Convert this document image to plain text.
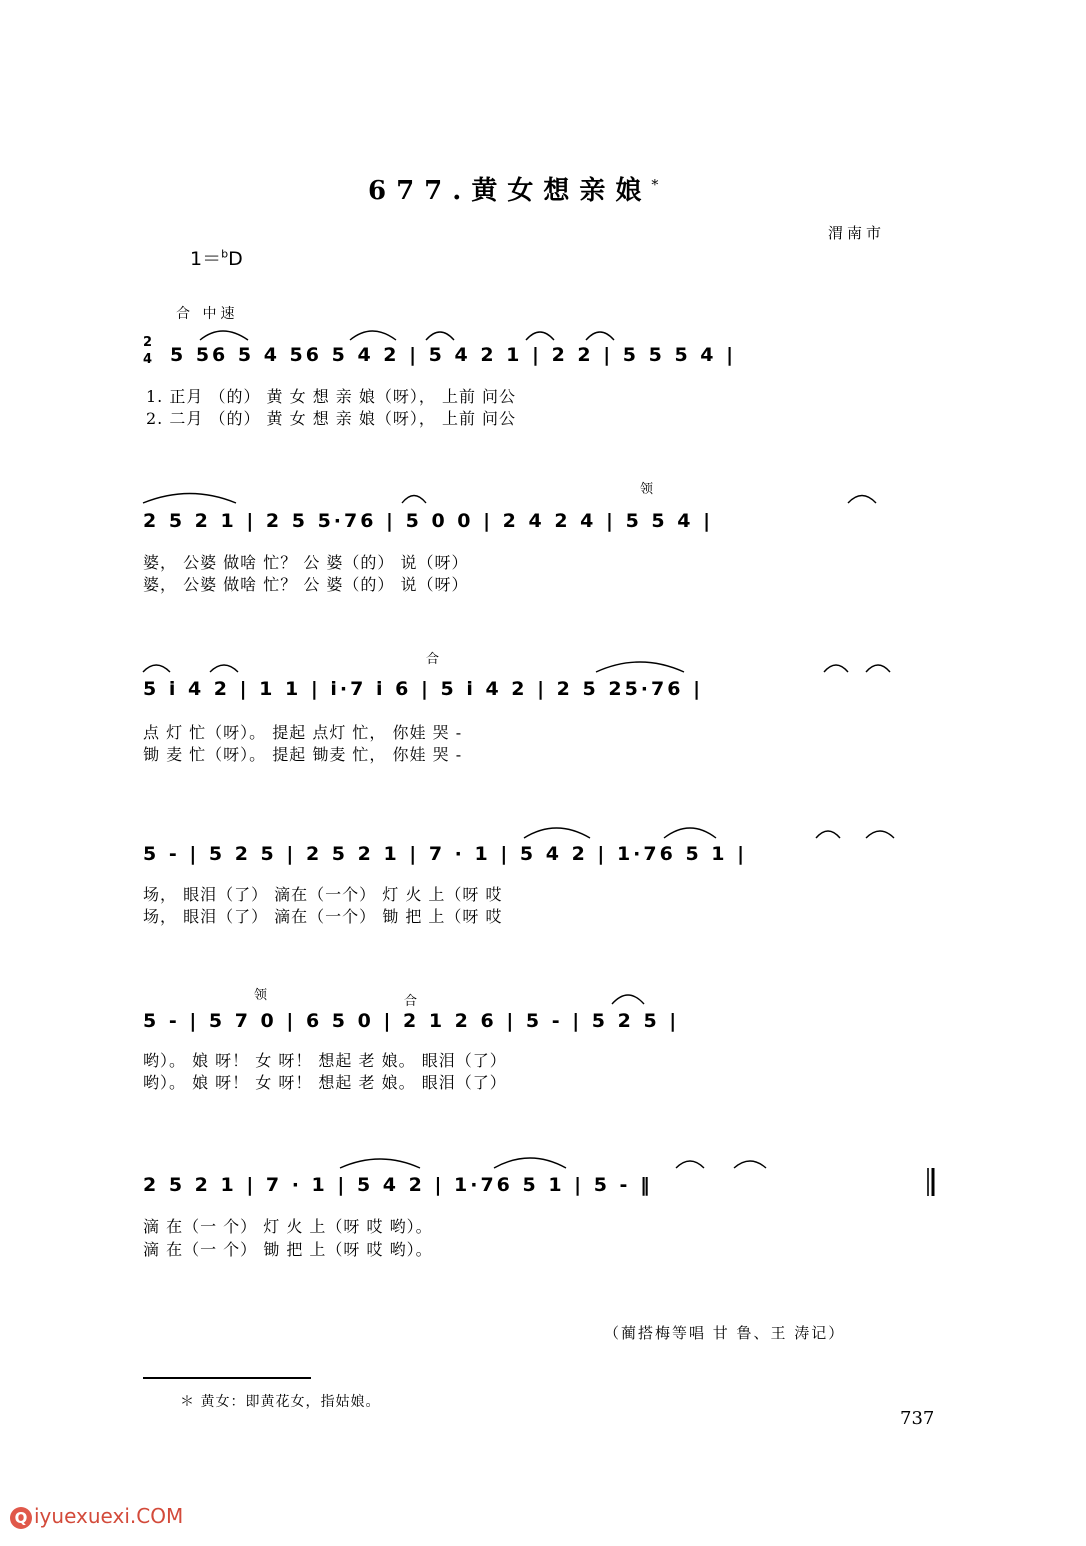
677.黄女想亲娘*
渭南市
1＝$^b$D
合 中速
2
4 5 56 5 4 56 5 4 2 | 5 4 2 1 | 2 2 | 5 5 5 4 |
1. 正月 （的） 黄 女 想 亲 娘（呀）， 上前 问公
2. 二月 （的） 黄 女 想 亲 娘（呀）， 上前 问公
领
2 5 2 1 | 2 5 5·76 | 5 0 0 | 2 4 2 4 | 5 5 4 |
婆， 公婆 做啥 忙？ 公 婆（的） 说（呀）
婆， 公婆 做啥 忙？ 公 婆（的） 说（呀）
合
5 i 4 2 | 1 1 | i·7 i 6 | 5 i 4 2 | 2 5 25·76 |
点 灯 忙（呀）。 提起 点灯 忙， 你娃 哭 -
锄 麦 忙（呀）。 提起 锄麦 忙， 你娃 哭 -
5 - | 5 2 5 | 2 5 2 1 | 7 · 1 | 5 4 2 | 1·76 5 1 |
场， 眼泪（了） 滴在（一个） 灯 火 上（呀 哎
场， 眼泪（了） 滴在（一个） 锄 把 上（呀 哎
领	合
5 - | 5 7 0 | 6 5 0 | 2 1 2 6 | 5 - | 5 2 5 |
哟）。 娘 呀！ 女 呀！ 想起 老 娘。 眼泪（了）
哟）。 娘 呀！ 女 呀！ 想起 老 娘。 眼泪（了）
2 5 2 1 | 7 · 1 | 5 4 2 | 1·76 5 1 | 5 - ‖
滴 在（一 个） 灯 火 上（呀 哎 哟）。
滴 在（一 个） 锄 把 上（呀 哎 哟）。
（蔺搭梅等唱 甘 鲁、王 涛记）
＊ 黄女：即黄花女，指姑娘。
737
Q iyuexuexi.COM
